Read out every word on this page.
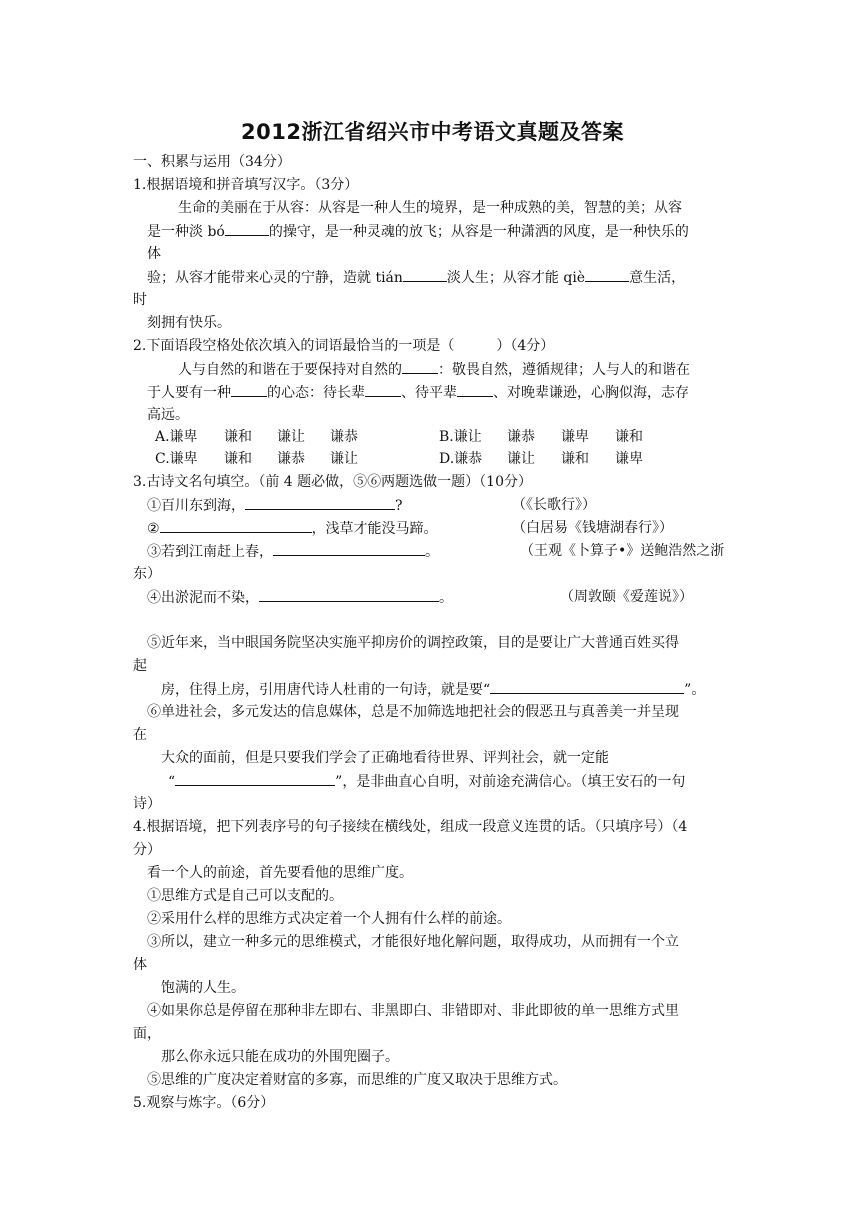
2012浙江省绍兴市中考语文真题及答案
一、积累与运用（34分）
1.根据语境和拼音填写汉字。（3分）
生命的美丽在于从容：从容是一种人生的境界，是一种成熟的美，智慧的美；从容
是一种淡 bó	的操守，是一种灵魂的放飞；从容是一种潇洒的风度，是一种快乐的
体
验；从容才能带来心灵的宁静，造就 tián	淡人生；从容才能 qiè	意生活，
时
刻拥有快乐。
2.下面语段空格处依次填入的词语最恰当的一项是（　　　）（4分）
人与自然的和谐在于要保持对自然的	：敬畏自然，遵循规律；人与人的和谐在
于人要有一种	的心态：待长辈	、待平辈	、对晚辈谦逊，心胸似海，志存
高远。
A.谦卑 谦和 谦让 谦恭	B.谦让 谦恭 谦卑 谦和
C.谦卑 谦和 谦恭 谦让	D.谦恭 谦让 谦和 谦卑
3.古诗文名句填空。（前 4 题必做，⑤⑥两题选做一题）（10分）
①百川东到海，	?	（《长歌行》）
②	，浅草才能没马蹄。	（白居易《钱塘湖春行》）
③若到江南赶上春，	。	（王观《卜算子•》送鲍浩然之浙
东）
④出淤泥而不染，	。	（周敦颐《爱莲说》）
⑤近年来，当中眼国务院坚决实施平抑房价的调控政策，目的是要让广大普通百姓买得
起
房，住得上房，引用唐代诗人杜甫的一句诗，就是要“	”。
⑥单进社会，多元发达的信息媒体，总是不加筛选地把社会的假恶丑与真善美一并呈现
在
大众的面前，但是只要我们学会了正确地看待世界、评判社会，就一定能
“	”，是非曲直心自明，对前途充满信心。（填王安石的一句
诗）
4.根据语境，把下列表序号的句子接续在横线处，组成一段意义连贯的话。（只填序号）（4
分）
看一个人的前途，首先要看他的思维广度。
①思维方式是自己可以支配的。
②采用什么样的思维方式决定着一个人拥有什么样的前途。
③所以，建立一种多元的思维模式，才能很好地化解问题，取得成功，从而拥有一个立
体
饱满的人生。
④如果你总是停留在那种非左即右、非黑即白、非错即对、非此即彼的单一思维方式里
面，
那么你永远只能在成功的外围兜圈子。
⑤思维的广度决定着财富的多寡，而思维的广度又取决于思维方式。
5.观察与炼字。（6分）
